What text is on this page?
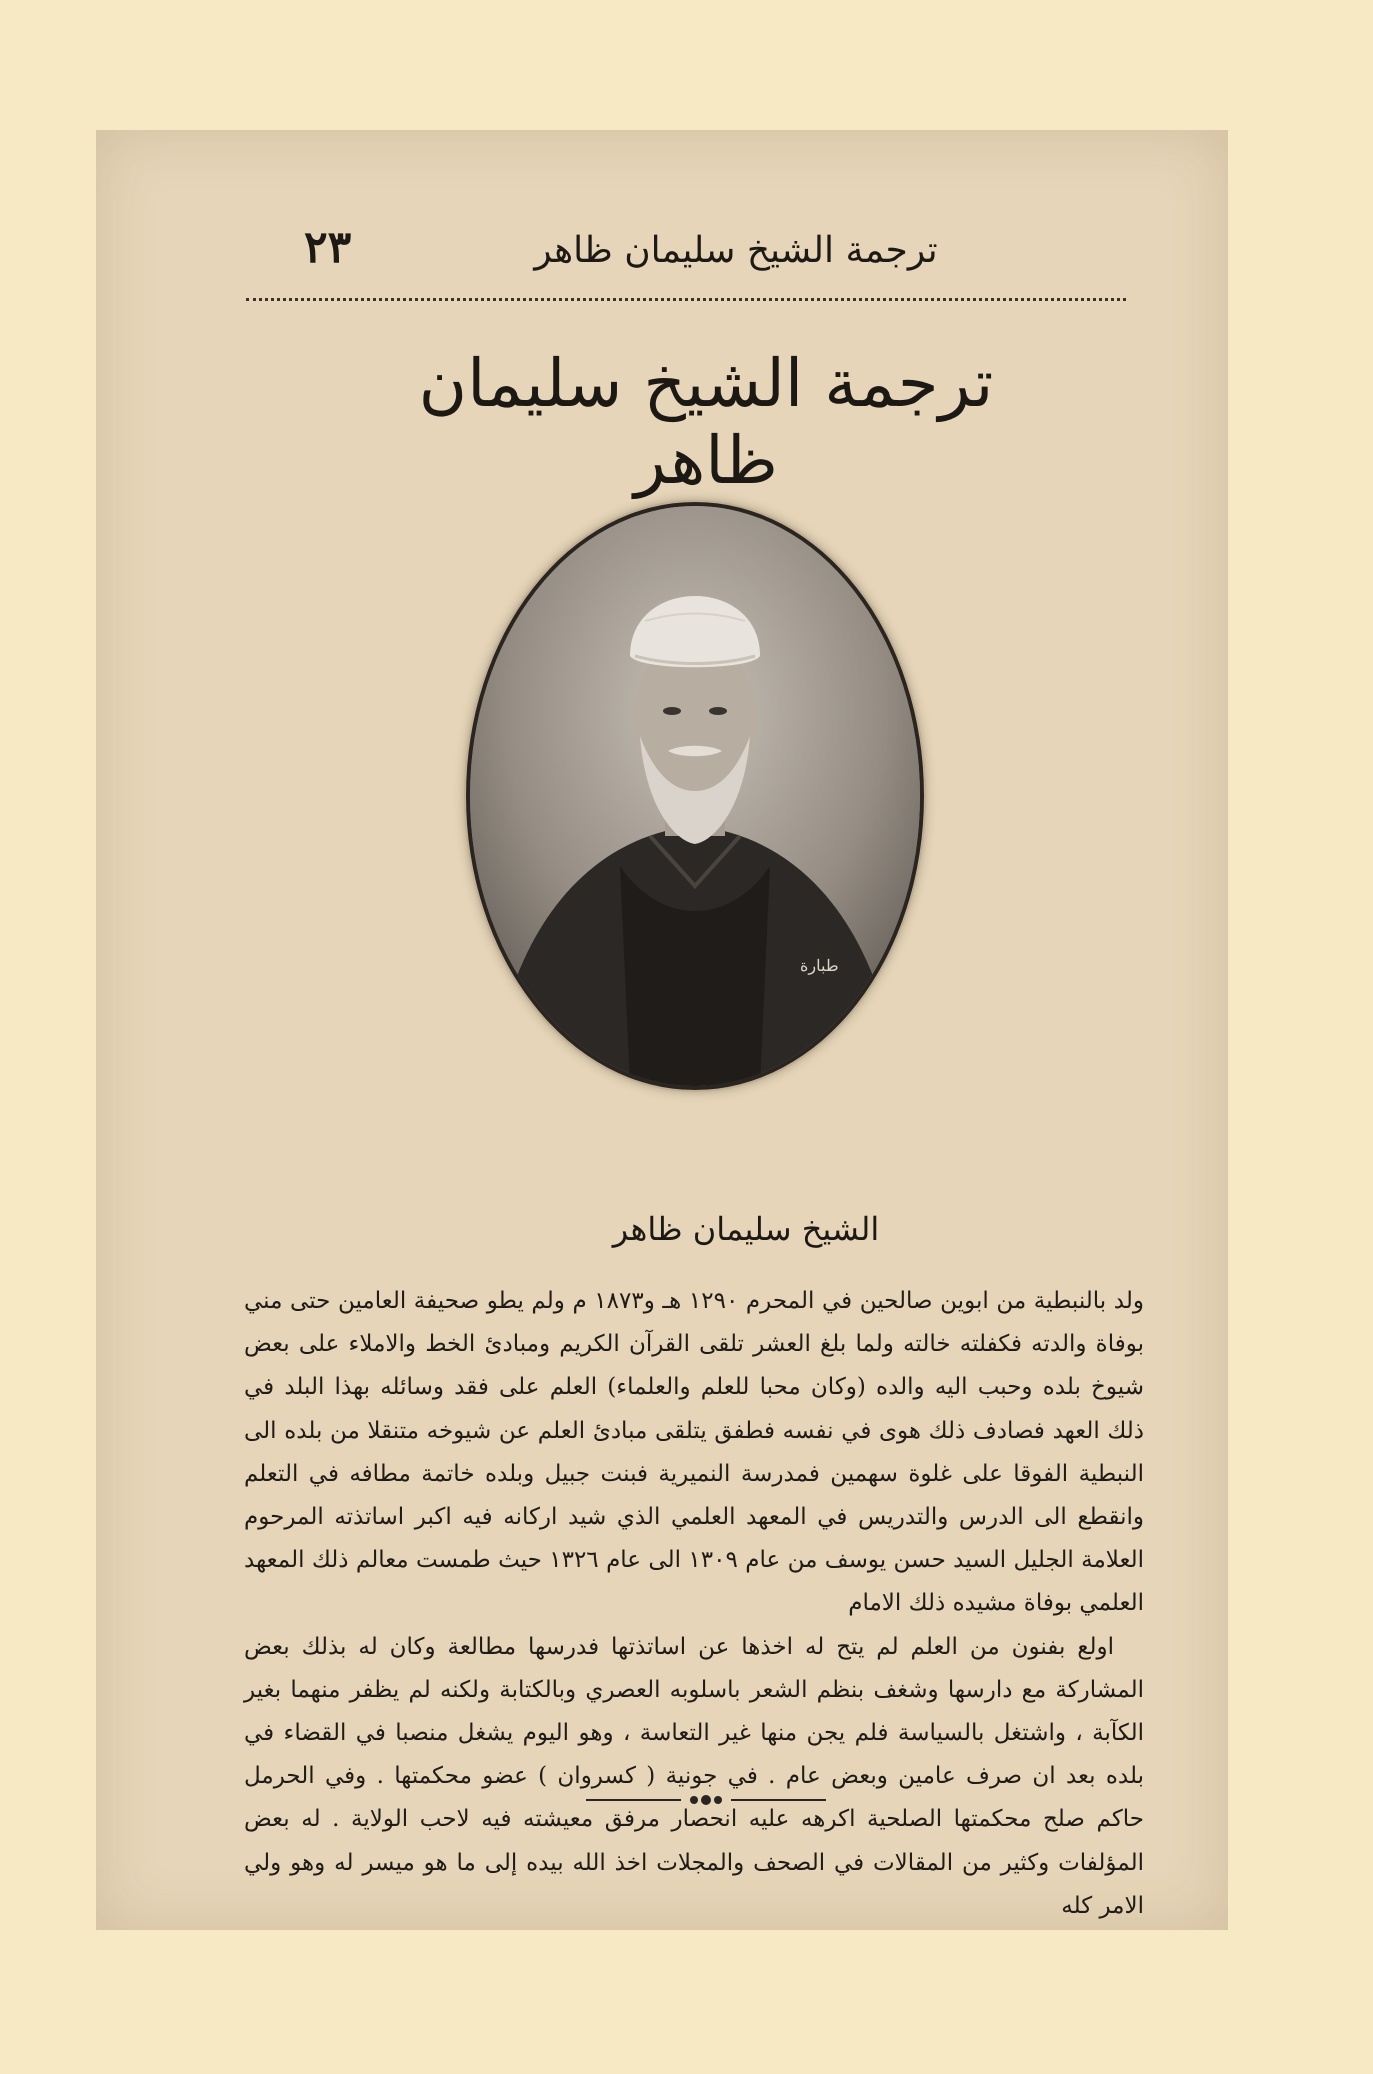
٢٣	ترجمة الشيخ سليمان ظاهر
ترجمة الشيخ سليمان ظاهر
طبارة
الشيخ سليمان ظاهر

ولد بالنبطية من ابوين صالحين في المحرم ١٢٩٠ هـ و١٨٧٣ م ولم يطو صحيفة العامين حتى مني بوفاة والدته فكفلته خالته ولما بلغ العشر تلقى القرآن الكريم ومبادئ الخط والاملاء على بعض شيوخ بلده وحبب اليه والده (وكان محبا للعلم والعلماء) العلم على فقد وسائله بهذا البلد في ذلك العهد فصادف ذلك هوى في نفسه فطفق يتلقى مبادئ العلم عن شيوخه متنقلا من بلده الى النبطية الفوقا على غلوة سهمين فمدرسة النميرية فبنت جبيل وبلده خاتمة مطافه في التعلم وانقطع الى الدرس والتدريس في المعهد العلمي الذي شيد اركانه فيه اكبر اساتذته المرحوم العلامة الجليل السيد حسن يوسف من عام ١٣٠٩ الى عام ١٣٢٦ حيث طمست معالم ذلك المعهد العلمي بوفاة مشيده ذلك الامام

اولع بفنون من العلم لم يتح له اخذها عن اساتذتها فدرسها مطالعة وكان له بذلك بعض المشاركة مع دارسها وشغف بنظم الشعر باسلوبه العصري وبالكتابة ولكنه لم يظفر منهما بغير الكآبة ، واشتغل بالسياسة فلم يجن منها غير التعاسة ، وهو اليوم يشغل منصبا في القضاء في بلده بعد ان صرف عامين وبعض عام . في جونية ( كسروان ) عضو محكمتها . وفي الحرمل حاكم صلح محكمتها الصلحية اكرهه عليه انحصار مرفق معيشته فيه لاحب الولاية . له بعض المؤلفات وكثير من المقالات في الصحف والمجلات اخذ الله بيده إلى ما هو ميسر له وهو ولي الامر كله
